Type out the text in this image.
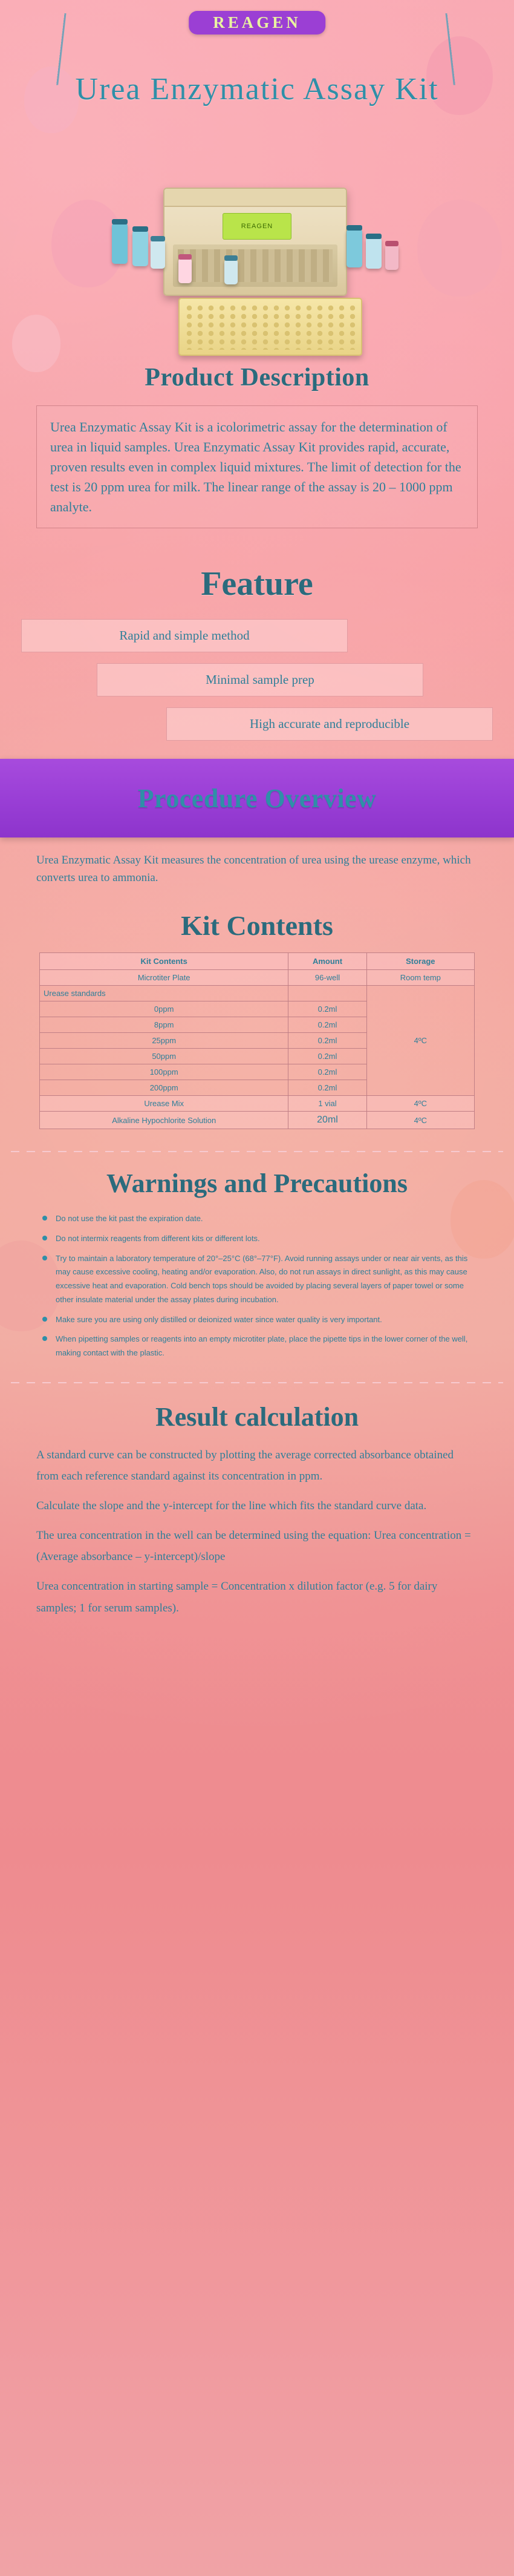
REAGEN
Urea Enzymatic Assay Kit
REAGEN
Product Description
Urea Enzymatic Assay Kit is a icolorimetric assay for the determination of urea in liquid samples. Urea Enzymatic Assay Kit provides rapid, accurate, proven results even in complex liquid mixtures. The limit of detection for the test is 20 ppm urea for milk. The linear range of the assay is 20 – 1000 ppm analyte.
Feature
Rapid and simple method
Minimal sample prep
High accurate and reproducible
Procedure Overview
Urea Enzymatic Assay Kit measures the concentration of urea using the urease enzyme, which converts urea to ammonia.
Kit Contents
Kit Contents	Amount	Storage
Microtiter Plate	96-well	Room temp
Urease standards		4ºC
0ppm	0.2ml	
8ppm	0.2ml	
25ppm	0.2ml	
50ppm	0.2ml	
100ppm	0.2ml	
200ppm	0.2ml	
Urease Mix	1 vial	4ºC
Alkaline Hypochlorite Solution	20ml	4ºC
Warnings and Precautions
Do not use the kit past the expiration date.
Do not intermix reagents from different kits or different lots.
Try to maintain a laboratory temperature of 20°–25°C (68°–77°F). Avoid running assays under or near air vents, as this may cause excessive cooling, heating and/or evaporation. Also, do not run assays in direct sunlight, as this may cause excessive heat and evaporation. Cold bench tops should be avoided by placing several layers of paper towel or some other insulate material under the assay plates during incubation.
Make sure you are using only distilled or deionized water since water quality is very important.
When pipetting samples or reagents into an empty microtiter plate, place the pipette tips in the lower corner of the well, making contact with the plastic.
Result calculation

A standard curve can be constructed by plotting the average corrected absorbance obtained from each reference standard against its concentration in ppm.

Calculate the slope and the y-intercept for the line which fits the standard curve data.

The urea concentration in the well can be determined using the equation: Urea concentration = (Average absorbance – y-intercept)/slope

Urea concentration in starting sample = Concentration x dilution factor (e.g. 5 for dairy samples; 1 for serum samples).
